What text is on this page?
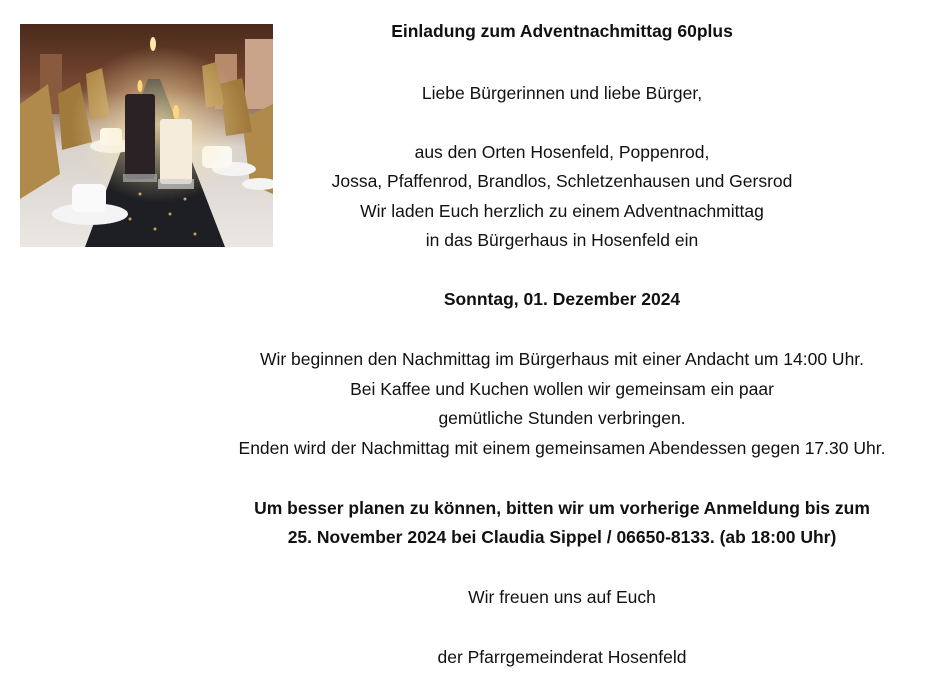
Einladung zum Adventnachmittag 60plus
Liebe Bürgerinnen und liebe Bürger,
aus den Orten Hosenfeld, Poppenrod,
Jossa, Pfaffenrod, Brandlos, Schletzenhausen und Gersrod
Wir laden Euch herzlich zu einem Adventnachmittag
in das Bürgerhaus in Hosenfeld ein
Sonntag, 01. Dezember 2024
Wir beginnen den Nachmittag im Bürgerhaus mit einer Andacht um 14:00 Uhr.
Bei Kaffee und Kuchen wollen wir gemeinsam ein paar
gemütliche Stunden verbringen.
Enden wird der Nachmittag mit einem gemeinsamen Abendessen gegen 17.30 Uhr.
Um besser planen zu können, bitten wir um vorherige Anmeldung bis zum
25. November 2024 bei Claudia Sippel / 06650-8133. (ab 18:00 Uhr)
Wir freuen uns auf Euch
der Pfarrgemeinderat Hosenfeld
